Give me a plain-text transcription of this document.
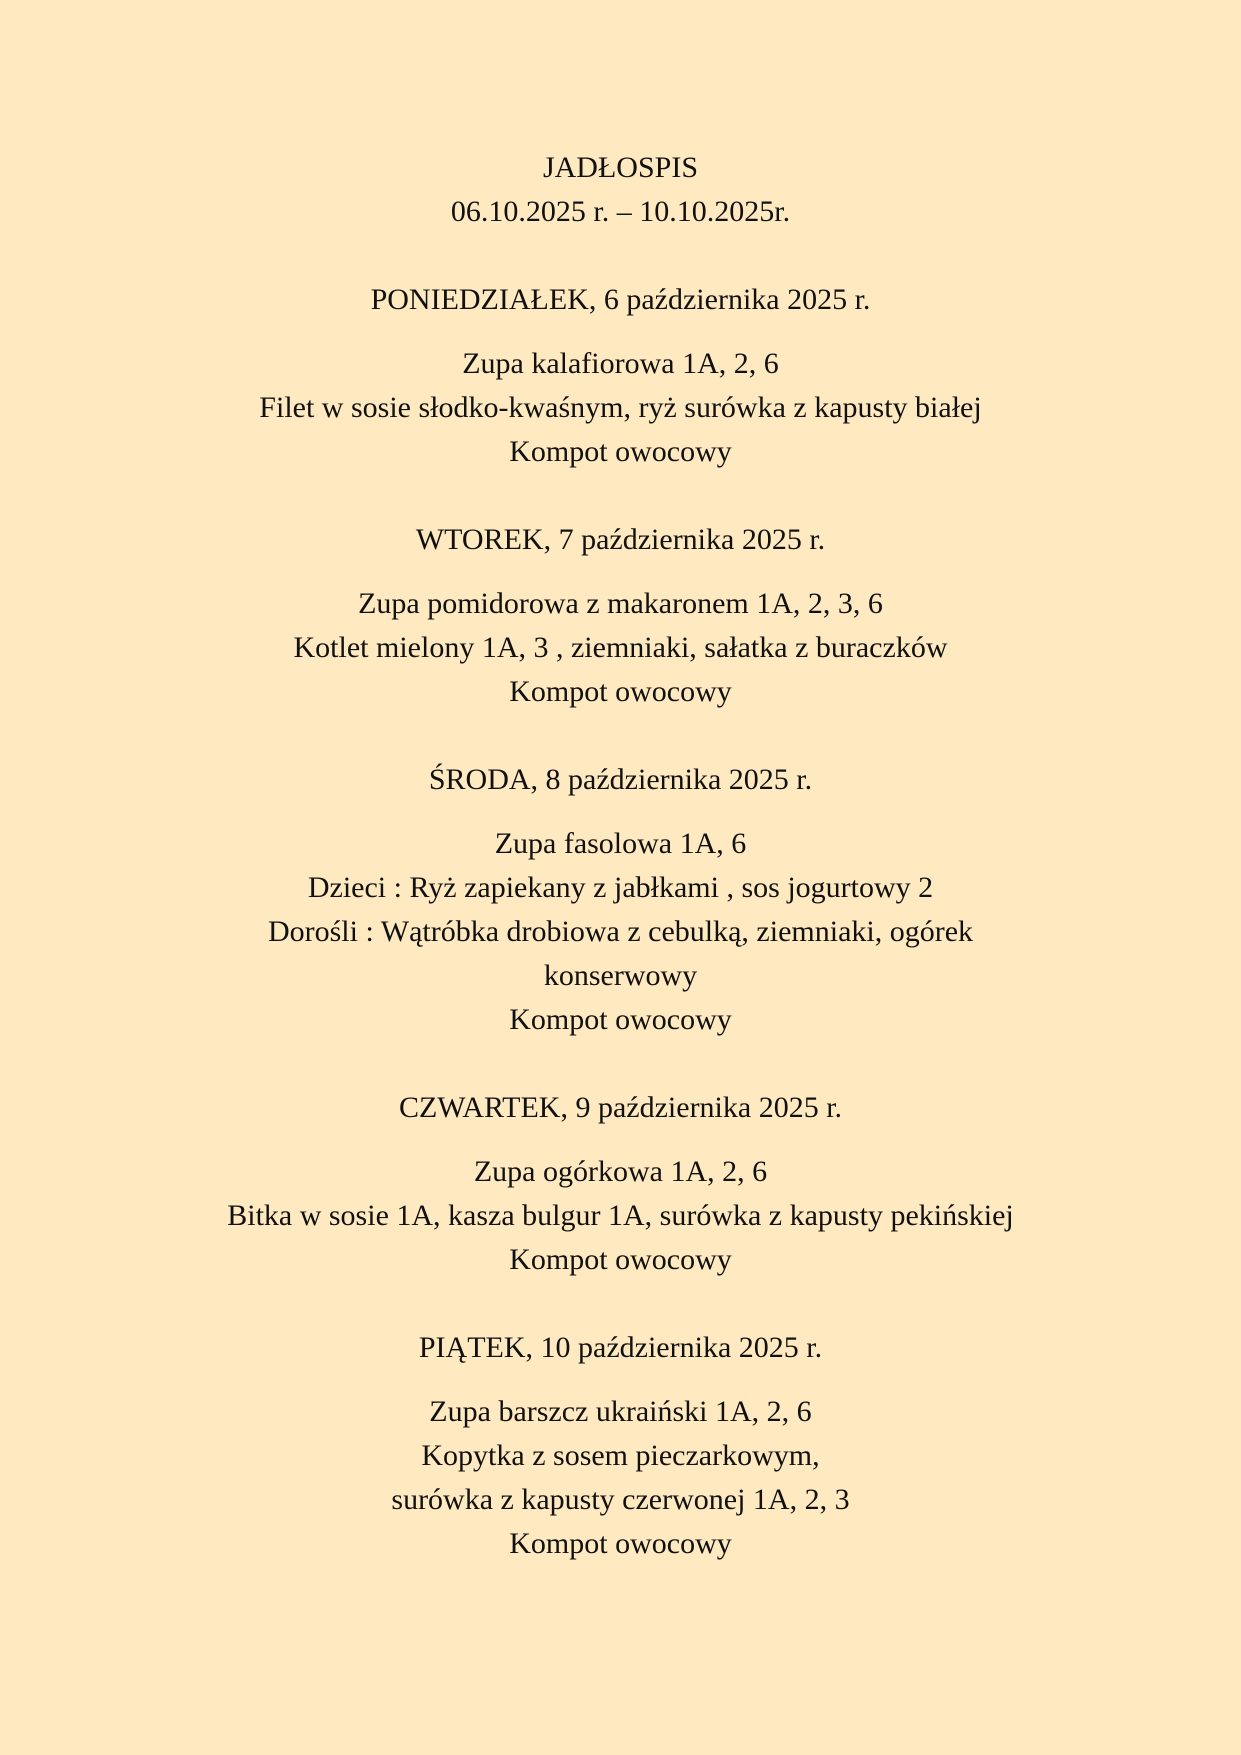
JADŁOSPIS
06.10.2025 r. – 10.10.2025r.
PONIEDZIAŁEK, 6 października 2025 r.
Zupa kalafiorowa 1A, 2, 6
Filet w sosie słodko-kwaśnym, ryż surówka z kapusty białej
Kompot owocowy
WTOREK, 7 października 2025 r.
Zupa pomidorowa z makaronem 1A, 2, 3, 6
Kotlet mielony 1A, 3 , ziemniaki, sałatka z buraczków
Kompot owocowy
ŚRODA, 8 października 2025 r.
Zupa fasolowa 1A, 6
Dzieci : Ryż zapiekany z jabłkami , sos jogurtowy 2
Dorośli : Wątróbka drobiowa z cebulką, ziemniaki, ogórek konserwowy
Kompot owocowy
CZWARTEK, 9 października 2025 r.
Zupa ogórkowa 1A, 2, 6
Bitka w sosie 1A, kasza bulgur 1A, surówka z kapusty pekińskiej
Kompot owocowy
PIĄTEK, 10 października 2025 r.
Zupa barszcz ukraiński 1A, 2, 6
Kopytka z sosem pieczarkowym,
surówka z kapusty czerwonej 1A, 2, 3
Kompot owocowy
